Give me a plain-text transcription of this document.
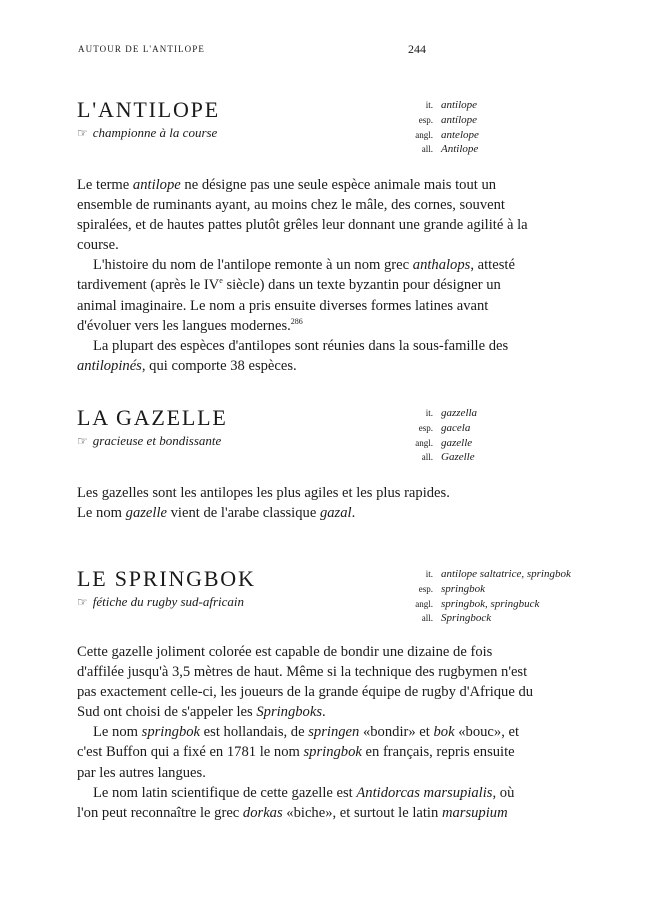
AUTOUR DE L'ANTILOPE	244
L'ANTILOPE
☞ championne à la course
it. antilope
esp. antílope
angl. antelope
all. Antilope

Le terme antilope ne désigne pas une seule espèce animale mais tout un ensemble de ruminants ayant, au moins chez le mâle, des cornes, souvent spiralées, et de hautes pattes plutôt grêles leur donnant une grande agilité à la course.

L'histoire du nom de l'antilope remonte à un nom grec anthalops, attesté tardivement (après le IVe siècle) dans un texte byzantin pour désigner un animal imaginaire. Le nom a pris ensuite diverses formes latines avant d'évoluer vers les langues modernes.$^{286}$

La plupart des espèces d'antilopes sont réunies dans la sous-famille des antilopinés, qui comporte 38 espèces.

LA GAZELLE
☞ gracieuse et bondissante
it. gazzella
esp. gacela
angl. gazelle
all. Gazelle

Les gazelles sont les antilopes les plus agiles et les plus rapides.

Le nom gazelle vient de l'arabe classique gazal.

LE SPRINGBOK
☞ fétiche du rugby sud-africain
it. antilope saltatrice, springbok
esp. springbok
angl. springbok, springbuck
all. Springbock

Cette gazelle joliment colorée est capable de bondir une dizaine de fois d'affilée jusqu'à 3,5 mètres de haut. Même si la technique des rugbymen n'est pas exactement celle-ci, les joueurs de la grande équipe de rugby d'Afrique du Sud ont choisi de s'appeler les Springboks.

Le nom springbok est hollandais, de springen «bondir» et bok «bouc», et c'est Buffon qui a fixé en 1781 le nom springbok en français, repris ensuite par les autres langues.

Le nom latin scientifique de cette gazelle est Antidorcas marsupialis, où l'on peut reconnaître le grec dorkas «biche», et surtout le latin marsupium
